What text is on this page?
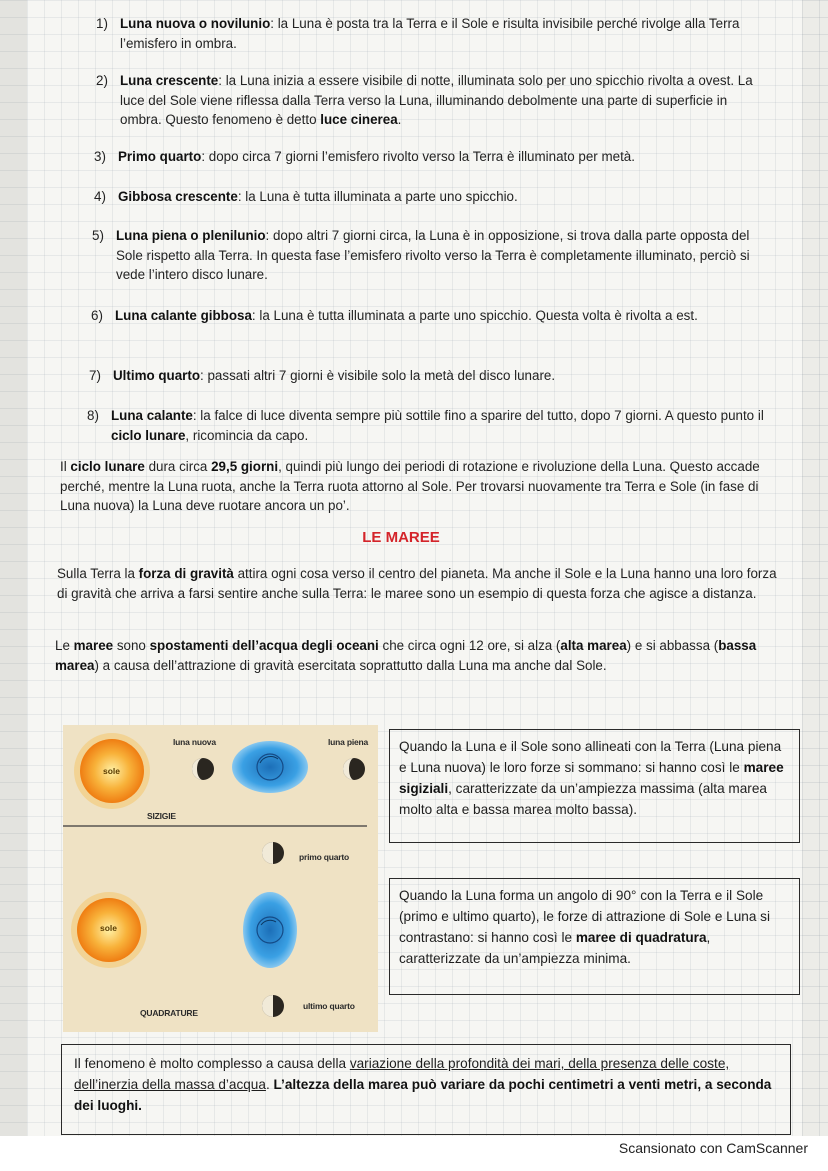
Scansionato con CamScanner
1) Luna nuova o novilunio: la Luna è posta tra la Terra e il Sole e risulta invisibile perché rivolge alla Terra l’emisfero in ombra.
2) Luna crescente: la Luna inizia a essere visibile di notte, illuminata solo per uno spicchio rivolta a ovest. La luce del Sole viene riflessa dalla Terra verso la Luna, illuminando debolmente una parte di superficie in ombra. Questo fenomeno è detto luce cinerea.
3) Primo quarto: dopo circa 7 giorni l’emisfero rivolto verso la Terra è illuminato per metà.
4) Gibbosa crescente: la Luna è tutta illuminata a parte uno spicchio.
5) Luna piena o plenilunio: dopo altri 7 giorni circa, la Luna è in opposizione, si trova dalla parte opposta del Sole rispetto alla Terra. In questa fase l’emisfero rivolto verso la Terra è completamente illuminato, perciò si vede l’intero disco lunare.
6) Luna calante gibbosa: la Luna è tutta illuminata a parte uno spicchio. Questa volta è rivolta a est.
7) Ultimo quarto: passati altri 7 giorni è visibile solo la metà del disco lunare.
8) Luna calante: la falce di luce diventa sempre più sottile fino a sparire del tutto, dopo 7 giorni. A questo punto il ciclo lunare, ricomincia da capo.
Il ciclo lunare dura circa 29,5 giorni, quindi più lungo dei periodi di rotazione e rivoluzione della Luna. Questo accade perché, mentre la Luna ruota, anche la Terra ruota attorno al Sole. Per trovarsi nuovamente tra Terra e Sole (in fase di Luna nuova) la Luna deve ruotare ancora un po’.
LE MAREE
Sulla Terra la forza di gravità attira ogni cosa verso il centro del pianeta. Ma anche il Sole e la Luna hanno una loro forza di gravità che arriva a farsi sentire anche sulla Terra: le maree sono un esempio di questa forza che agisce a distanza.
Le maree sono spostamenti dell’acqua degli oceani che circa ogni 12 ore, si alza (alta marea) e si abbassa (bassa marea) a causa dell’attrazione di gravità esercitata soprattutto dalla Luna ma anche dal Sole.
luna nuova	luna piena
sole
SIZIGIE
primo quarto
sole
ultimo quarto
QUADRATURE
Quando la Luna e il Sole sono allineati con la Terra (Luna piena e Luna nuova) le loro forze si sommano: si hanno così le maree sigiziali, caratterizzate da un’ampiezza massima (alta marea molto alta e bassa marea molto bassa).
Quando la Luna forma un angolo di 90° con la Terra e il Sole (primo e ultimo quarto), le forze di attrazione di Sole e Luna si contrastano: si hanno così le maree di quadratura, caratterizzate da un’ampiezza minima.
Il fenomeno è molto complesso a causa della variazione della profondità dei mari, della presenza delle coste, dell’inerzia della massa d’acqua. L’altezza della marea può variare da pochi centimetri a venti metri, a seconda dei luoghi.
